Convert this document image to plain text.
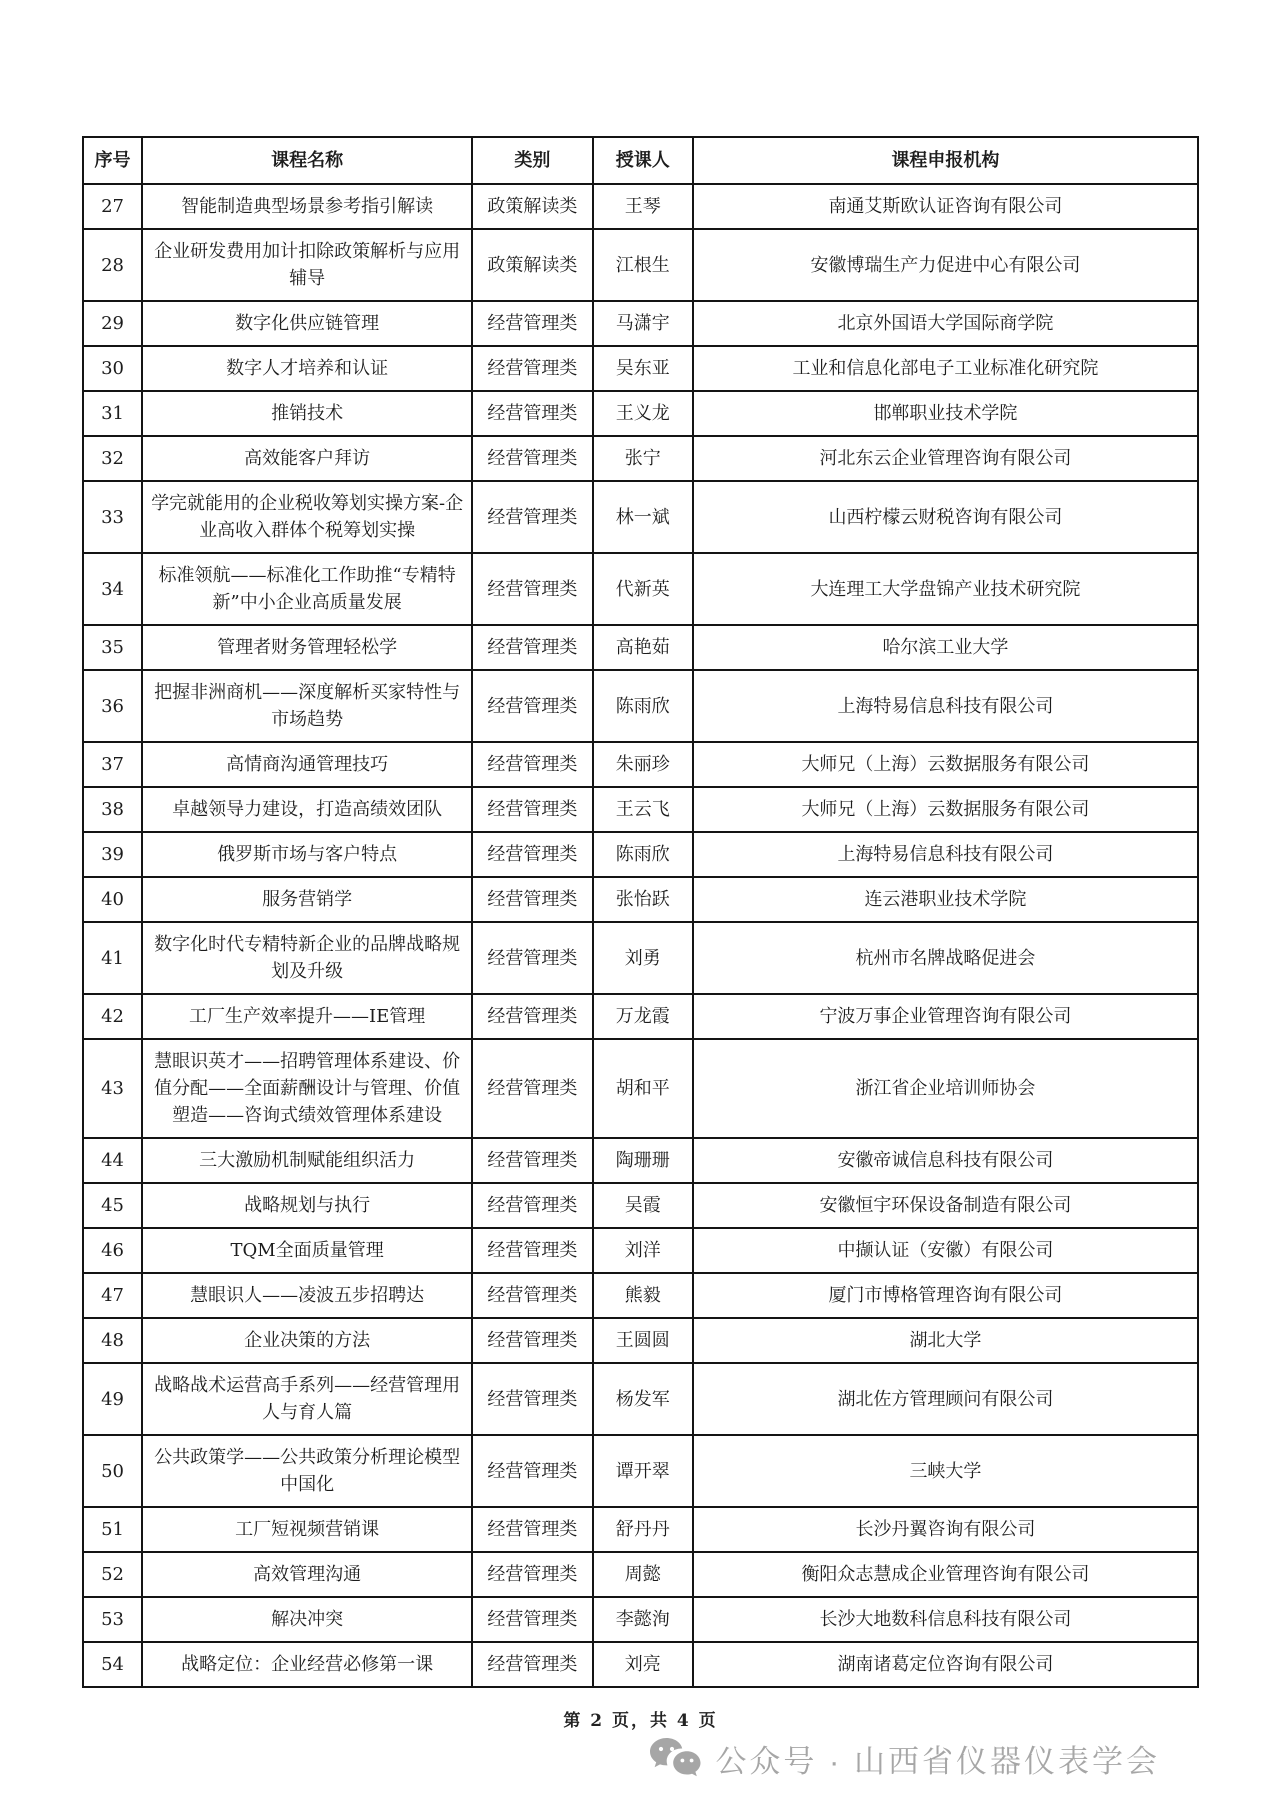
序号	课程名称	类别	授课人	课程申报机构
27	智能制造典型场景参考指引解读	政策解读类	王琴	南通艾斯欧认证咨询有限公司
28	企业研发费用加计扣除政策解析与应用辅导	政策解读类	江根生	安徽博瑞生产力促进中心有限公司
29	数字化供应链管理	经营管理类	马潇宇	北京外国语大学国际商学院
30	数字人才培养和认证	经营管理类	吴东亚	工业和信息化部电子工业标准化研究院
31	推销技术	经营管理类	王义龙	邯郸职业技术学院
32	高效能客户拜访	经营管理类	张宁	河北东云企业管理咨询有限公司
33	学完就能用的企业税收筹划实操方案-企业高收入群体个税筹划实操	经营管理类	林一斌	山西柠檬云财税咨询有限公司
34	标准领航——标准化工作助推“专精特新”中小企业高质量发展	经营管理类	代新英	大连理工大学盘锦产业技术研究院
35	管理者财务管理轻松学	经营管理类	高艳茹	哈尔滨工业大学
36	把握非洲商机——深度解析买家特性与市场趋势	经营管理类	陈雨欣	上海特易信息科技有限公司
37	高情商沟通管理技巧	经营管理类	朱丽珍	大师兄（上海）云数据服务有限公司
38	卓越领导力建设，打造高绩效团队	经营管理类	王云飞	大师兄（上海）云数据服务有限公司
39	俄罗斯市场与客户特点	经营管理类	陈雨欣	上海特易信息科技有限公司
40	服务营销学	经营管理类	张怡跃	连云港职业技术学院
41	数字化时代专精特新企业的品牌战略规划及升级	经营管理类	刘勇	杭州市名牌战略促进会
42	工厂生产效率提升——IE管理	经营管理类	万龙霞	宁波万事企业管理咨询有限公司
43	慧眼识英才——招聘管理体系建设、价值分配——全面薪酬设计与管理、价值塑造——咨询式绩效管理体系建设	经营管理类	胡和平	浙江省企业培训师协会
44	三大激励机制赋能组织活力	经营管理类	陶珊珊	安徽帝诚信息科技有限公司
45	战略规划与执行	经营管理类	吴霞	安徽恒宇环保设备制造有限公司
46	TQM全面质量管理	经营管理类	刘洋	中撷认证（安徽）有限公司
47	慧眼识人——凌波五步招聘达	经营管理类	熊毅	厦门市博格管理咨询有限公司
48	企业决策的方法	经营管理类	王圆圆	湖北大学
49	战略战术运营高手系列——经营管理用人与育人篇	经营管理类	杨发军	湖北佐方管理顾问有限公司
50	公共政策学——公共政策分析理论模型中国化	经营管理类	谭开翠	三峡大学
51	工厂短视频营销课	经营管理类	舒丹丹	长沙丹翼咨询有限公司
52	高效管理沟通	经营管理类	周懿	衡阳众志慧成企业管理咨询有限公司
53	解决冲突	经营管理类	李懿洵	长沙大地数科信息科技有限公司
54	战略定位：企业经营必修第一课	经营管理类	刘亮	湖南诸葛定位咨询有限公司
第 2 页，共 4 页
公众号 · 山西省仪器仪表学会
